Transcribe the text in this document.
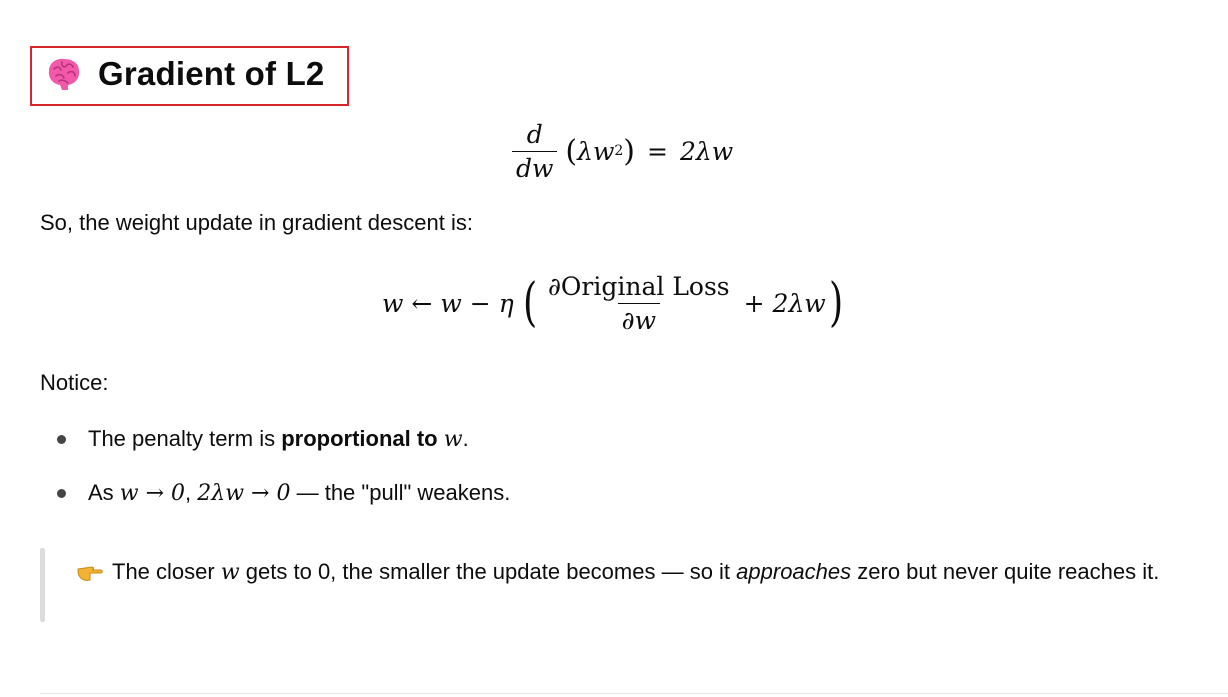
Gradient of L2
$\frac{d}{dw}$ ( λw 2 ) = 2λw
So, the weight update in gradient descent is:
w ← w − η ( $\frac{\text{∂Original Loss}}{\partial w} + 2\lambda w$ )
Notice:
The penalty term is proportional to w.
As w → 0, 2λw → 0 — the "pull" weakens.
The closer w gets to 0, the smaller the update becomes — so it approaches zero but never quite reaches it.
